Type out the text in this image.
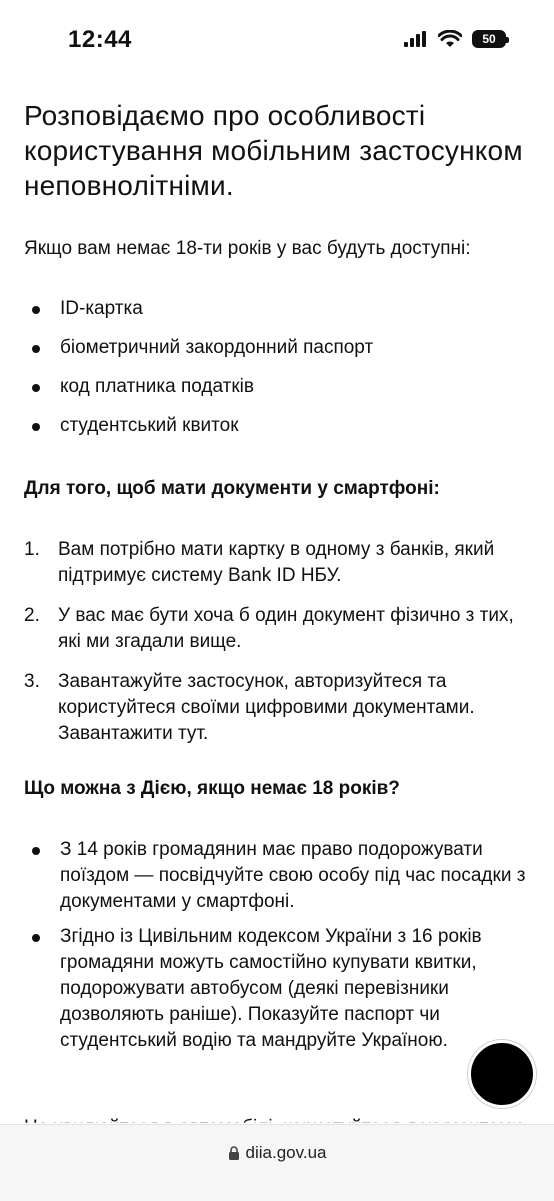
12:44	50
Розповідаємо про особливості користування мобільним застосунком неповнолітніми.

Якщо вам немає 18-ти років у вас будуть доступні:

ID-картка
біометричний закордонний паспорт
код платника податків
студентський квиток
Для того, щоб мати документи у смартфоні:
1. Вам потрібно мати картку в одному з банків, який підтримує систему Bank ID НБУ.
2. У вас має бути хоча б один документ фізично з тих, які ми згадали вище.
3. Завантажуйте застосунок, авторизуйтеся та користуйтеся своїми цифровими документами. Завантажити тут.
Що можна з Дією, якщо немає 18 років?
З 14 років громадянин має право подорожувати поїздом — посвідчуйте свою особу під час посадки з документами у смартфоні.
Згідно із Цивільним кодексом України з 16 років громадяни можуть самостійно купувати квитки, подорожувати автобусом (деякі перевізники дозволяють раніше). Показуйте паспорт чи студентський водію та мандруйте Україною.
diia.gov.ua
